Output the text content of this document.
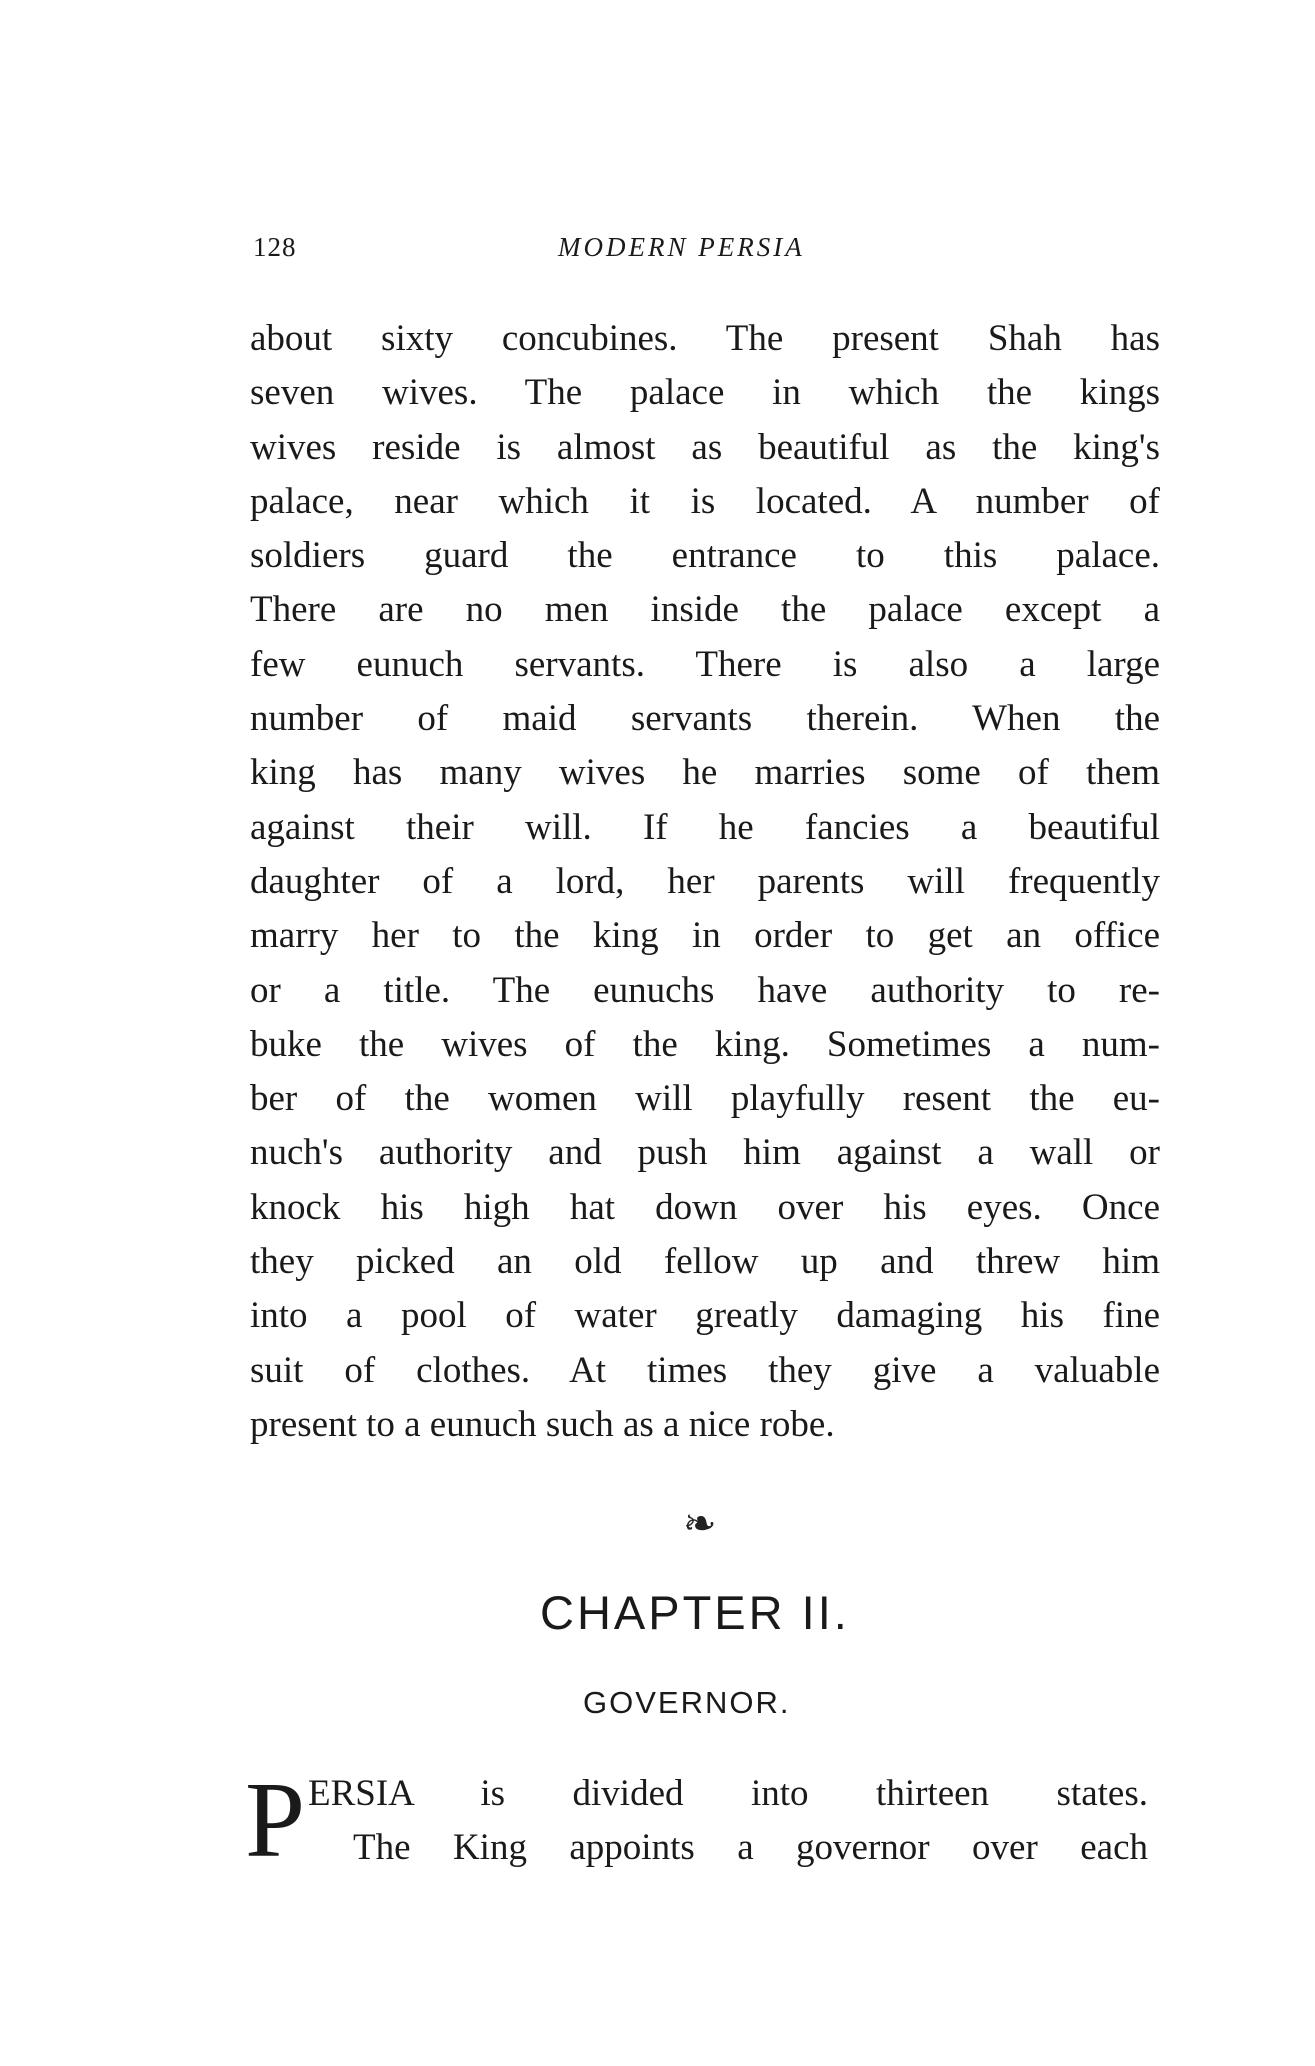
128	MODERN PERSIA
about sixty concubines. The present Shah has
seven wives. The palace in which the kings
wives reside is almost as beautiful as the king's
palace, near which it is located. A number of
soldiers guard the entrance to this palace.
There are no men inside the palace except a
few eunuch servants. There is also a large
number of maid servants therein. When the
king has many wives he marries some of them
against their will. If he fancies a beautiful
daughter of a lord, her parents will frequently
marry her to the king in order to get an office
or a title. The eunuchs have authority to re-
buke the wives of the king. Sometimes a num-
ber of the women will playfully resent the eu-
nuch's authority and push him against a wall or
knock his high hat down over his eyes. Once
they picked an old fellow up and threw him
into a pool of water greatly damaging his fine
suit of clothes. At times they give a valuable
present to a eunuch such as a nice robe.
❧
CHAPTER II.
GOVERNOR.
P ERSIA is divided into thirteen states.
The King appoints a governor over each
